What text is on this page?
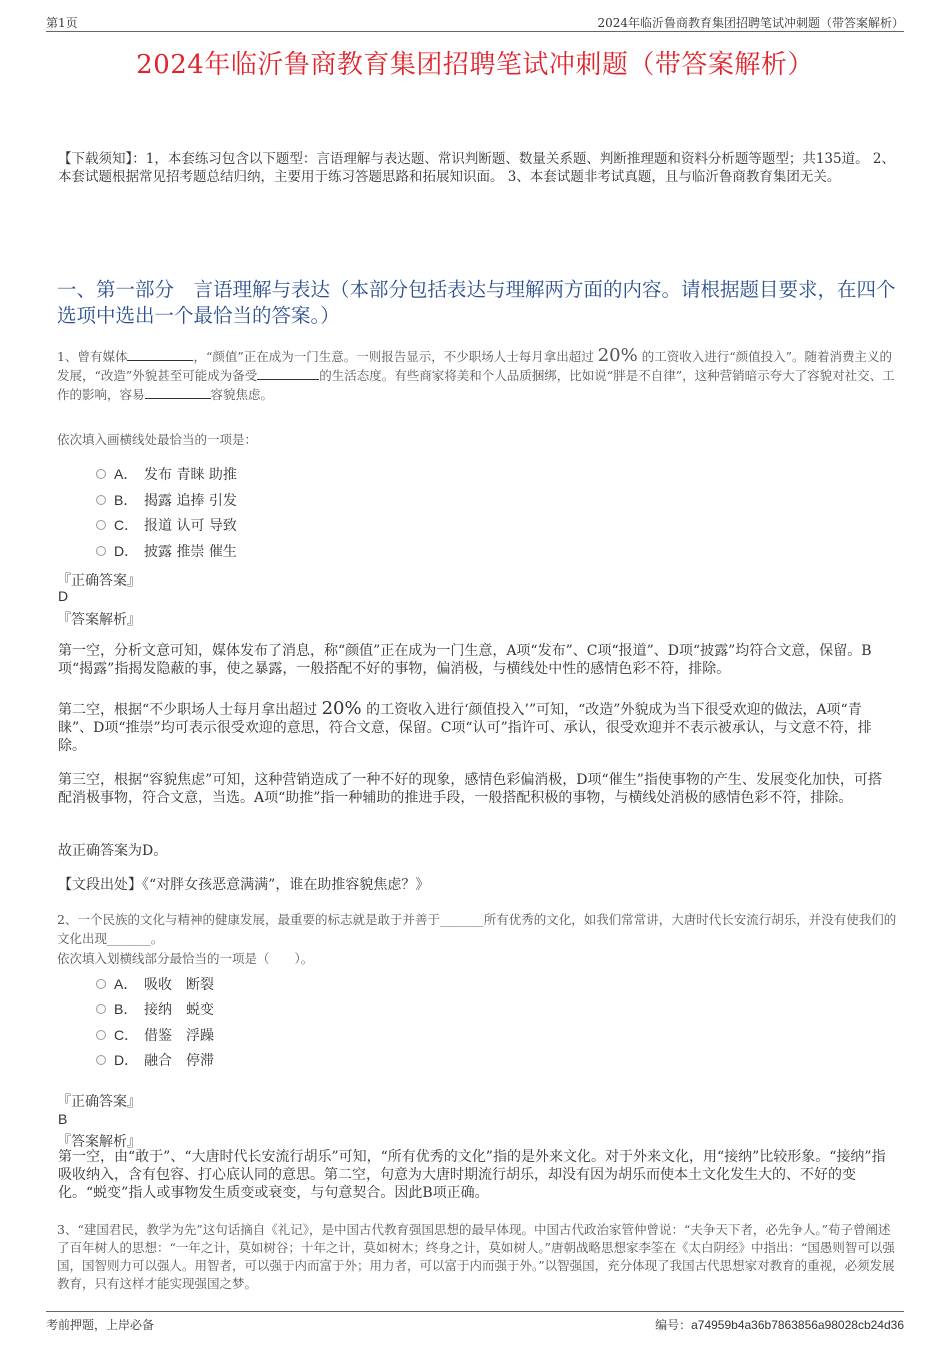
第1页	2024年临沂鲁商教育集团招聘笔试冲刺题（带答案解析）
2024年临沂鲁商教育集团招聘笔试冲刺题（带答案解析）
【下载须知】：1，本套练习包含以下题型：言语理解与表达题、常识判断题、数量关系题、判断推理题和资料分析题等题型；共135道。 2、本套试题根据常见招考题总结归纳，主要用于练习答题思路和拓展知识面。 3、本套试题非考试真题，且与临沂鲁商教育集团无关。
一、第一部分　言语理解与表达（本部分包括表达与理解两方面的内容。请根据题目要求，在四个选项中选出一个最恰当的答案。）
1、曾有媒体	，“颜值”正在成为一门生意。一则报告显示，不少职场人士每月拿出超过 20% 的工资收入进行“颜值投入”。随着消费主义的发展，“改造”外貌甚至可能成为备受	的生活态度。有些商家将美和个人品质捆绑，比如说“胖是不自律”，这种营销暗示夸大了容貌对社交、工作的影响，容易	容貌焦虑。
依次填入画横线处最恰当的一项是：
A． 发布 青睐 助推
B． 揭露 追捧 引发
C． 报道 认可 导致
D． 披露 推崇 催生
『正确答案』
D
『答案解析』
第一空，分析文意可知，媒体发布了消息，称“颜值”正在成为一门生意，A项“发布”、C项“报道”、D项“披露”均符合文意，保留。B项“揭露”指揭发隐蔽的事，使之暴露，一般搭配不好的事物，偏消极，与横线处中性的感情色彩不符，排除。
第二空，根据“不少职场人士每月拿出超过 20% 的工资收入进行‘颜值投入’”可知，“改造”外貌成为当下很受欢迎的做法，A项“青睐”、D项“推崇”均可表示很受欢迎的意思，符合文意，保留。C项“认可”指许可、承认，很受欢迎并不表示被承认，与文意不符，排除。
第三空，根据“容貌焦虑”可知，这种营销造成了一种不好的现象，感情色彩偏消极，D项“催生”指使事物的产生、发展变化加快，可搭配消极事物，符合文意，当选。A项“助推”指一种辅助的推进手段，一般搭配积极的事物，与横线处消极的感情色彩不符，排除。
故正确答案为D。
【文段出处】《“对胖女孩恶意满满”，谁在助推容貌焦虑？》
2、一个民族的文化与精神的健康发展，最重要的标志就是敢于并善于_______所有优秀的文化，如我们常常讲，大唐时代长安流行胡乐，并没有使我们的文化出现_______。
依次填入划横线部分最恰当的一项是（　　）。
A． 吸收　断裂
B． 接纳　蜕变
C． 借鉴　浮躁
D． 融合　停滞
『正确答案』
B
『答案解析』
第一空，由“敢于”、“大唐时代长安流行胡乐”可知，“所有优秀的文化”指的是外来文化。对于外来文化，用“接纳”比较形象。“接纳”指吸收纳入，含有包容、打心底认同的意思。第二空，句意为大唐时期流行胡乐，却没有因为胡乐而使本土文化发生大的、不好的变化。“蜕变”指人或事物发生质变或衰变，与句意契合。因此B项正确。
3、“建国君民，教学为先”这句话摘自《礼记》，是中国古代教育强国思想的最早体现。中国古代政治家管仲曾说：“夫争天下者，必先争人。”荀子曾阐述了百年树人的思想：“一年之计，莫如树谷；十年之计，莫如树木；终身之计，莫如树人。”唐朝战略思想家李筌在《太白阴经》中指出：“国愚则智可以强国，国智则力可以强人。用智者，可以强于内而富于外；用力者，可以富于内而强于外。”以智强国，充分体现了我国古代思想家对教育的重视，必须发展教育，只有这样才能实现强国之梦。
考前押题，上岸必备	编号：a74959b4a36b7863856a98028cb24d36
